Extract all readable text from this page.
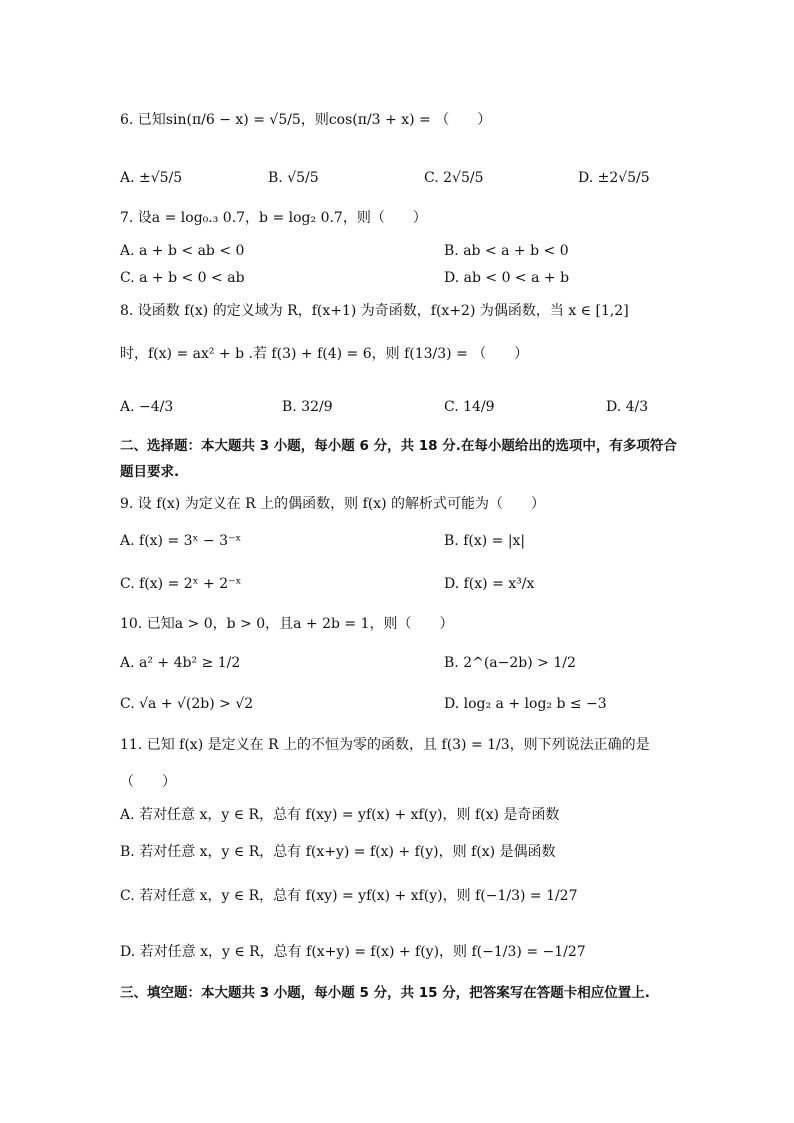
6. 已知sin(π/6 − x) = √5/5，则cos(π/3 + x) = （　　）
A. ±√5/5	B. √5/5	C. 2√5/5	D. ±2√5/5
7. 设a = log₀.₃ 0.7，b = log₂ 0.7，则（　　）
A. a + b < ab < 0	B. ab < a + b < 0
C. a + b < 0 < ab	D. ab < 0 < a + b
8. 设函数 f(x) 的定义域为 R，f(x+1) 为奇函数，f(x+2) 为偶函数，当 x ∈ [1,2]
时，f(x) = ax² + b .若 f(3) + f(4) = 6，则 f(13/3) = （　　）
A. −4/3	B. 32/9	C. 14/9	D. 4/3
二、选择题：本大题共 3 小题，每小题 6 分，共 18 分.在每小题给出的选项中，有多项符合题目要求.
9. 设 f(x) 为定义在 R 上的偶函数，则 f(x) 的解析式可能为（　　）
A. f(x) = 3ˣ − 3⁻ˣ	B. f(x) = |x|
C. f(x) = 2ˣ + 2⁻ˣ	D. f(x) = x³/x
10. 已知a > 0，b > 0，且a + 2b = 1，则（　　）
A. a² + 4b² ≥ 1/2	B. 2^(a−2b) > 1/2
C. √a + √(2b) > √2	D. log₂ a + log₂ b ≤ −3
11. 已知 f(x) 是定义在 R 上的不恒为零的函数，且 f(3) = 1/3，则下列说法正确的是
（　　）
A. 若对任意 x，y ∈ R，总有 f(xy) = yf(x) + xf(y)，则 f(x) 是奇函数
B. 若对任意 x，y ∈ R，总有 f(x+y) = f(x) + f(y)，则 f(x) 是偶函数
C. 若对任意 x，y ∈ R，总有 f(xy) = yf(x) + xf(y)，则 f(−1/3) = 1/27
D. 若对任意 x，y ∈ R，总有 f(x+y) = f(x) + f(y)，则 f(−1/3) = −1/27
三、填空题：本大题共 3 小题，每小题 5 分，共 15 分，把答案写在答题卡相应位置上.
